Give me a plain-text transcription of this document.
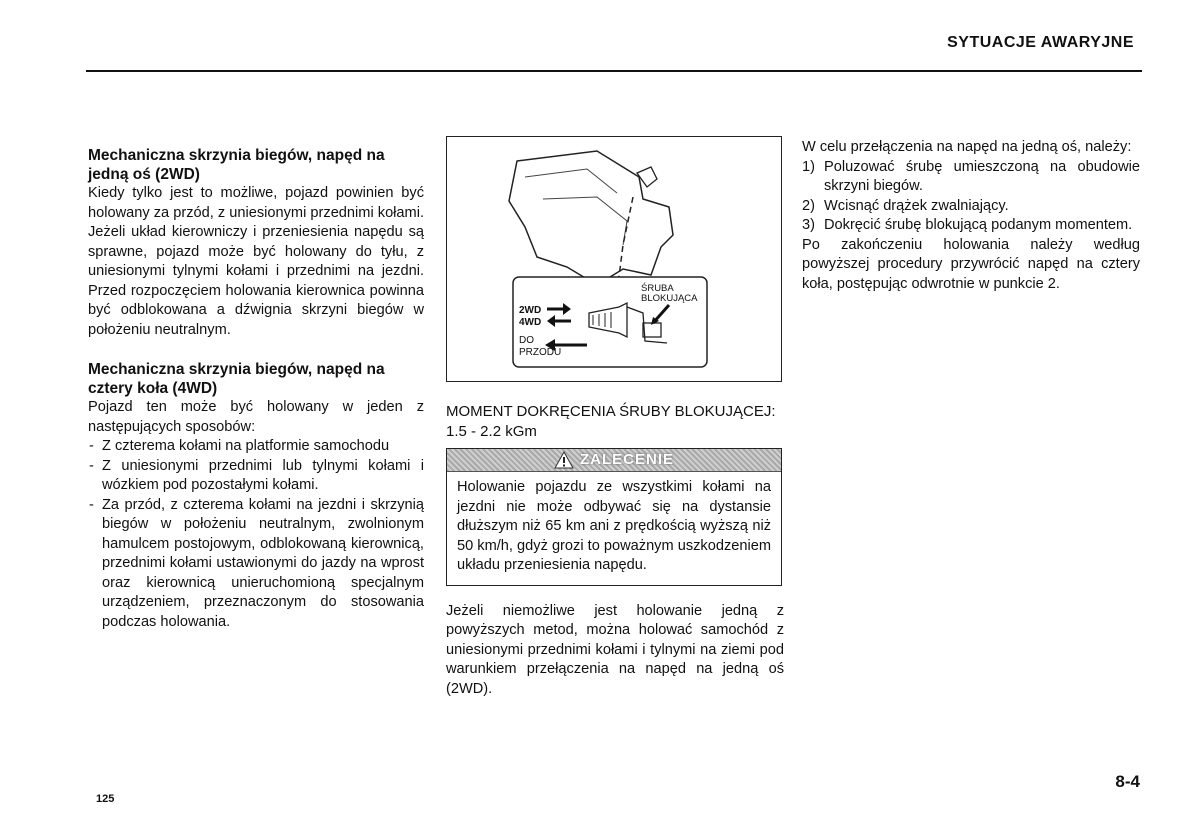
SYTUACJE AWARYJNE
Mechaniczna skrzynia biegów, napęd na jedną oś (2WD)

Kiedy tylko jest to możliwe, pojazd powinien być holowany za przód, z uniesionymi przednimi kołami. Jeżeli układ kierowniczy i przeniesienia napędu są sprawne, pojazd może być holowany do tyłu, z uniesionymi tylnymi kołami i przednimi na jezdni. Przed rozpoczęciem holowania kierownica powinna być odblokowana a dźwignia skrzyni biegów w położeniu neutralnym.

Mechaniczna skrzynia biegów, napęd na cztery koła (4WD)

Pojazd ten może być holowany w jeden z następujących sposobów:

- Z czterema kołami na platformie samochodu
- Z uniesionymi przednimi lub tylnymi kołami i wózkiem pod pozostałymi kołami.
- Za przód, z czterema kołami na jezdni i skrzynią biegów w położeniu neutralnym, zwolnionym hamulcem postojowym, odblokowaną kierownicą, przednimi kołami ustawionymi do jazdy na wprost oraz kierownicą unieruchomioną specjalnym urządzeniem, przeznaczonym do stosowania podczas holowania.
ŚRUBA
BLOKUJĄCA
2WD
4WD
DO
PRZODU

MOMENT DOKRĘCENIA ŚRUBY BLOKUJĄCEJ: 1.5 - 2.2 kGm

ZALECENIE
Holowanie pojazdu ze wszystkimi kołami na jezdni nie może odbywać się na dystansie dłuższym niż 65 km ani z prędkością wyższą niż 50 km/h, gdyż grozi to poważnym uszkodzeniem układu przeniesienia napędu.

Jeżeli niemożliwe jest holowanie jedną z powyższych metod, można holować samochód z uniesionymi przednimi kołami i tylnymi na ziemi pod warunkiem przełączenia na napęd na jedną oś (2WD).

W celu przełączenia na napęd na jedną oś, należy:

1) Poluzować śrubę umieszczoną na obudowie skrzyni biegów.
2) Wcisnąć drążek zwalniający.
3) Dokręcić śrubę blokującą podanym momentem.

Po zakończeniu holowania należy według powyższej procedury przywrócić napęd na cztery koła, postępując odwrotnie w punkcie 2.

125
8-4
